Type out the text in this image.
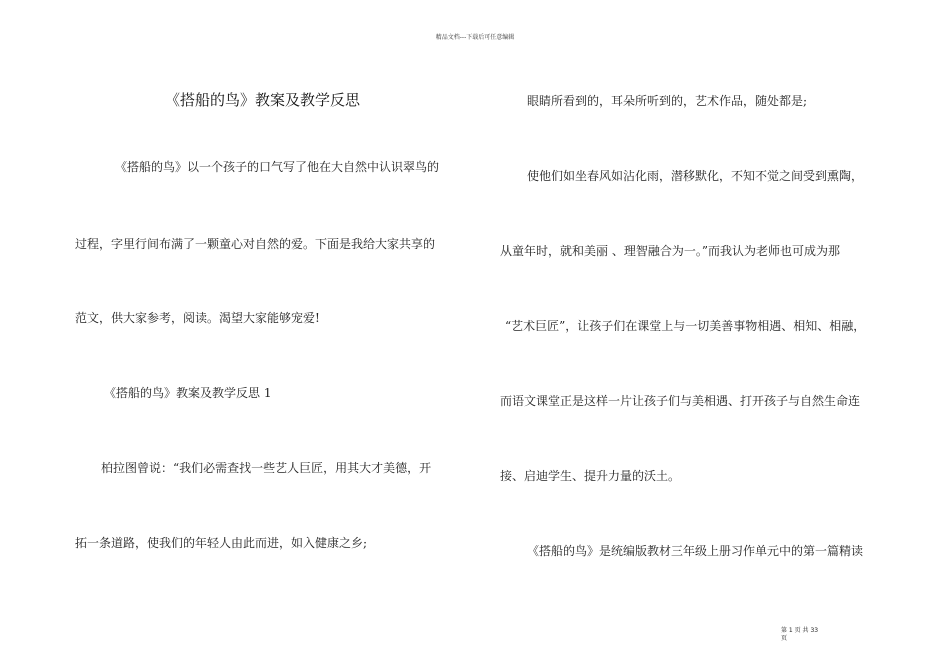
精品文档---下载后可任意编辑
《搭船的鸟》教案及教学反思
《搭船的鸟》以一个孩子的口气写了他在大自然中认识翠鸟的
过程，字里行间布满了一颗童心对自然的爱。下面是我给大家共享的
范文，供大家参考，阅读。渴望大家能够宠爱!
《搭船的鸟》教案及教学反思 1
柏拉图曾说：“我们必需查找一些艺人巨匠，用其大才美德，开
拓一条道路，使我们的年轻人由此而进，如入健康之乡;
眼睛所看到的，耳朵所听到的，艺术作品，随处都是;
使他们如坐春风如沾化雨，潜移默化，不知不觉之间受到熏陶，
从童年时，就和美丽 、理智融合为一。”而我认为老师也可成为那
“艺术巨匠”，让孩子们在课堂上与一切美善事物相遇、相知、相融，
而语文课堂正是这样一片让孩子们与美相遇、打开孩子与自然生命连
接、启迪学生、提升力量的沃土。
《搭船的鸟》是统编版教材三年级上册习作单元中的第一篇精读
第 1 页 共 33
页
